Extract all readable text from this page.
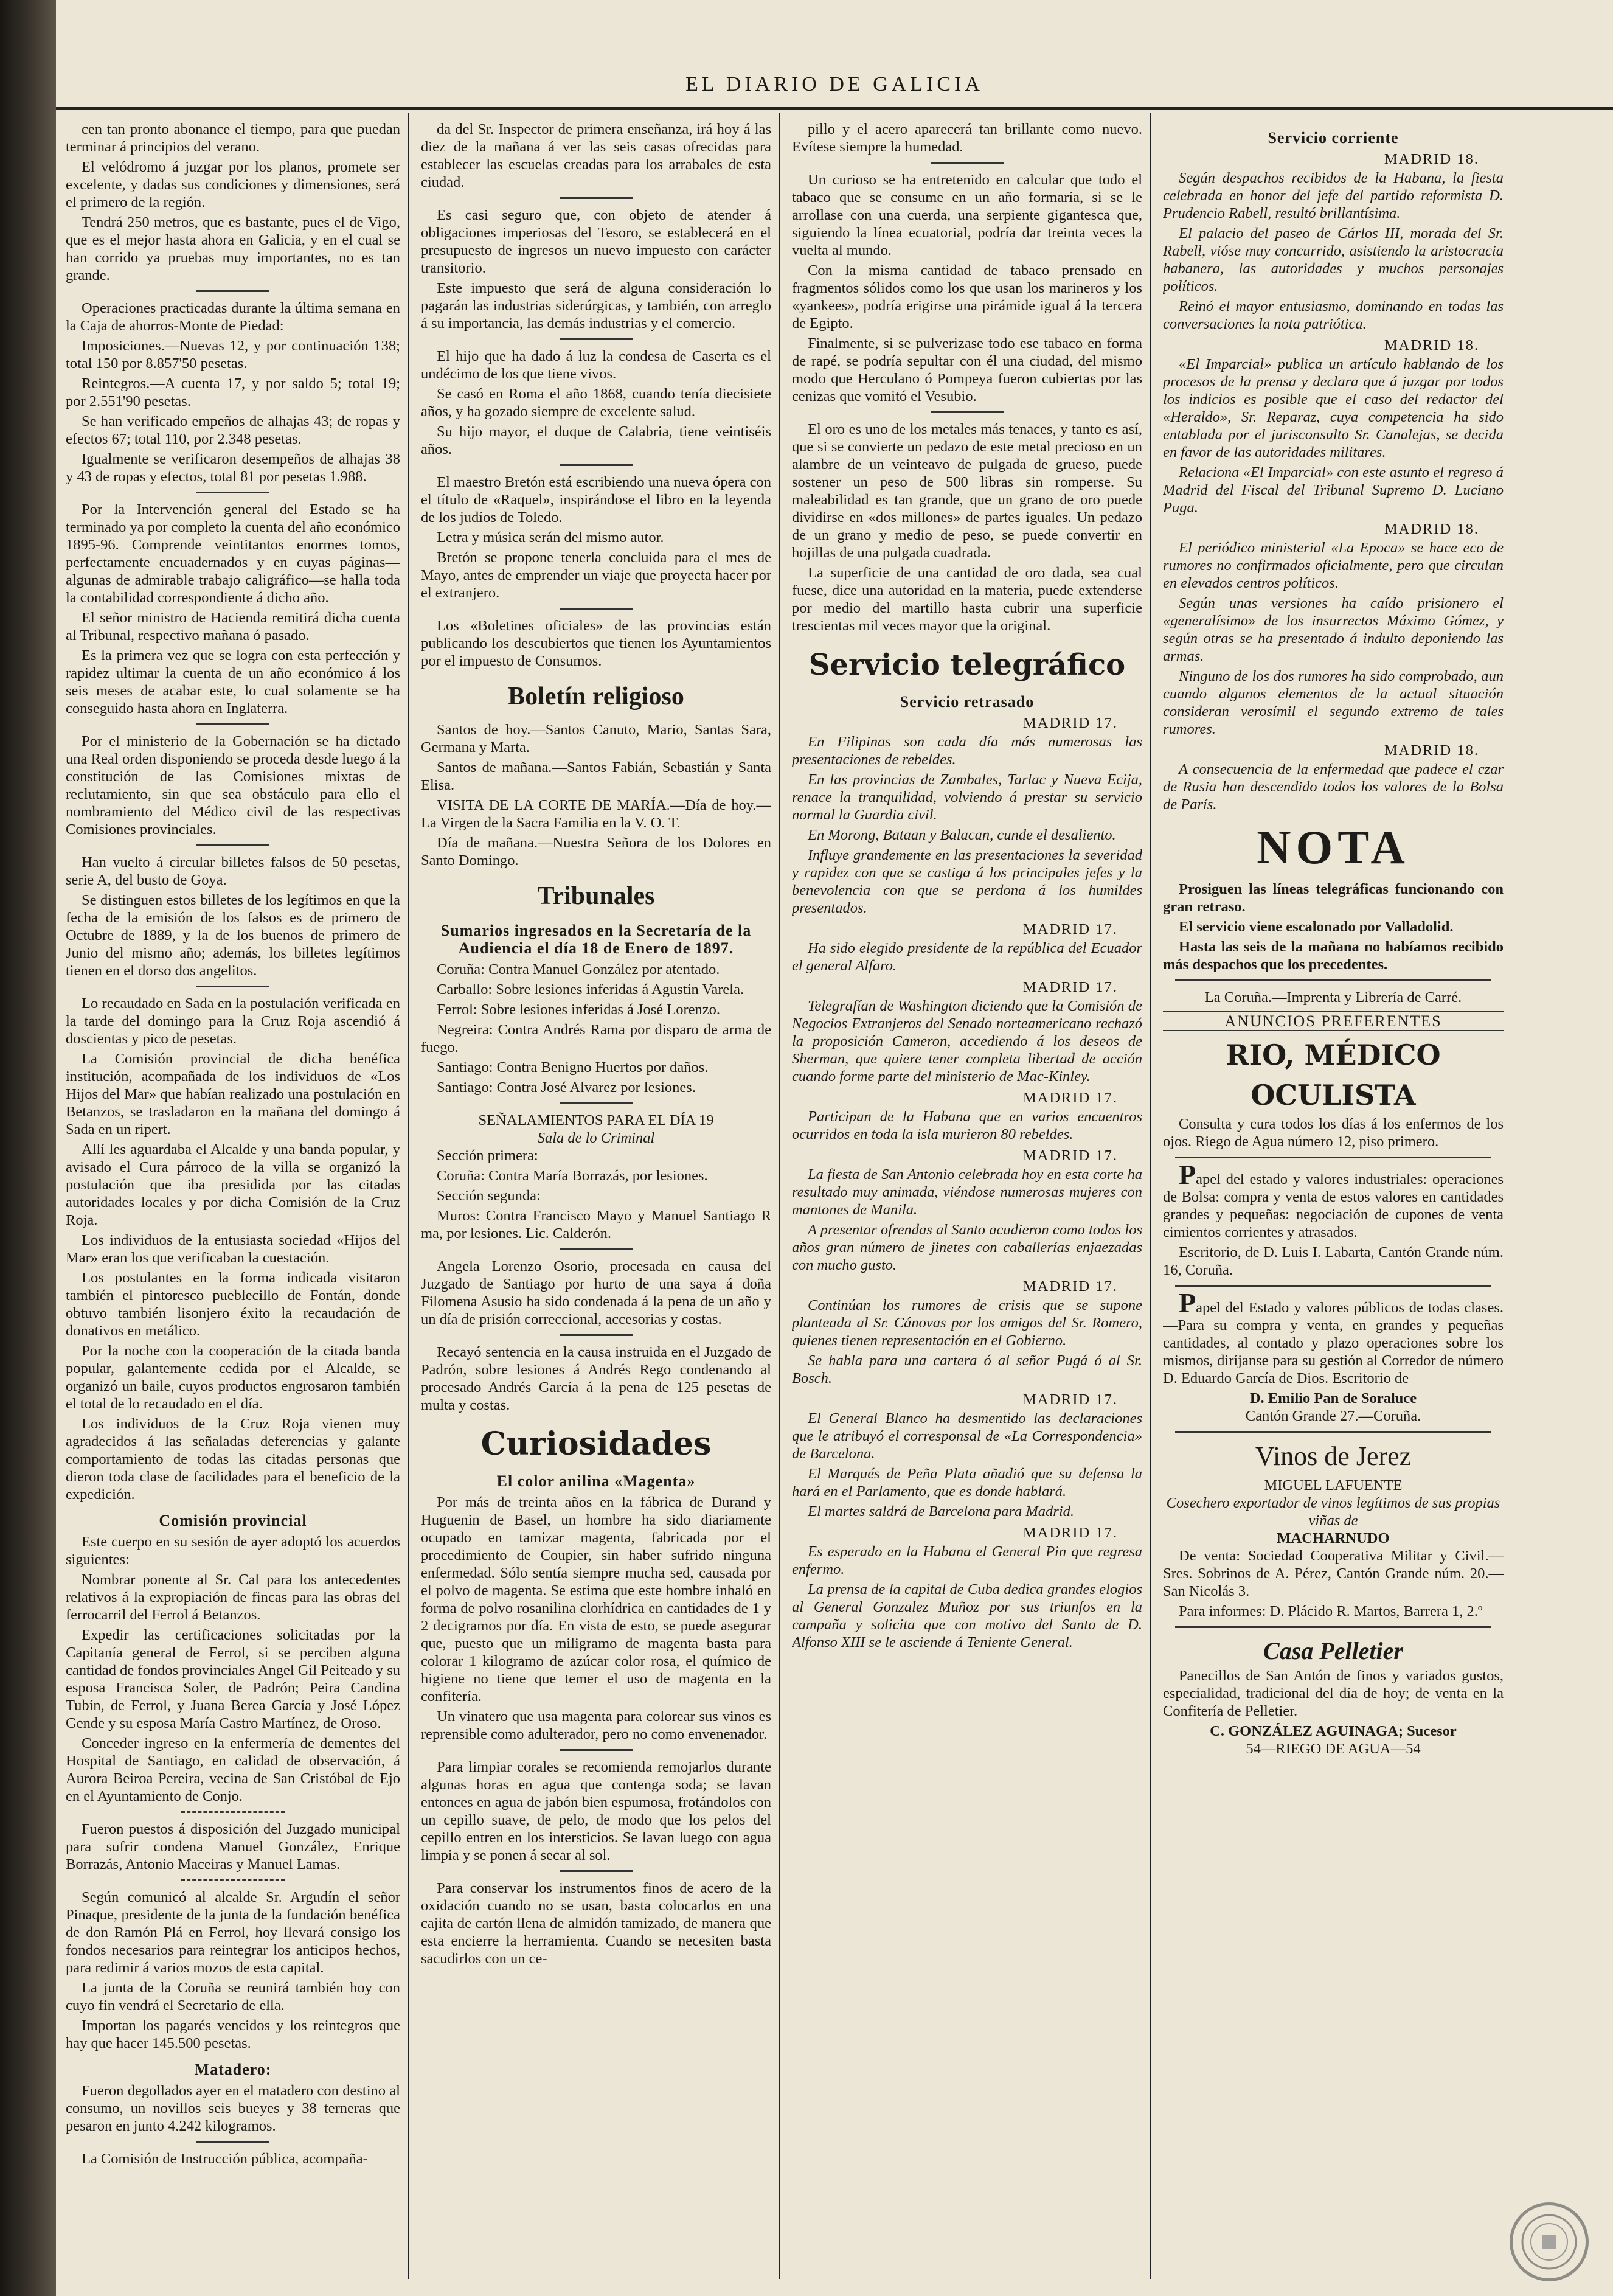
EL DIARIO DE GALICIA

cen tan pronto abonance el tiempo, para que puedan terminar á principios del verano.

El velódromo á juzgar por los planos, promete ser excelente, y dadas sus condiciones y dimensiones, será el primero de la región.

Tendrá 250 metros, que es bastante, pues el de Vigo, que es el mejor hasta ahora en Galicia, y en el cual se han corrido ya pruebas muy importantes, no es tan grande.

Operaciones practicadas durante la última semana en la Caja de ahorros-Monte de Piedad:

Imposiciones.—Nuevas 12, y por continuación 138; total 150 por 8.857'50 pesetas.

Reintegros.—A cuenta 17, y por saldo 5; total 19; por 2.551'90 pesetas.

Se han verificado empeños de alhajas 43; de ropas y efectos 67; total 110, por 2.348 pesetas.

Igualmente se verificaron desempeños de alhajas 38 y 43 de ropas y efectos, total 81 por pesetas 1.988.

Por la Intervención general del Estado se ha terminado ya por completo la cuenta del año económico 1895-96. Comprende veintitantos enormes tomos, perfectamente encuadernados y en cuyas páginas—algunas de admirable trabajo caligráfico—se halla toda la contabilidad correspondiente á dicho año.

El señor ministro de Hacienda remitirá dicha cuenta al Tribunal, respectivo mañana ó pasado.

Es la primera vez que se logra con esta perfección y rapidez ultimar la cuenta de un año económico á los seis meses de acabar este, lo cual solamente se ha conseguido hasta ahora en Inglaterra.

Por el ministerio de la Gobernación se ha dictado una Real orden disponiendo se proceda desde luego á la constitución de las Comisiones mixtas de reclutamiento, sin que sea obstáculo para ello el nombramiento del Médico civil de las respectivas Comisiones provinciales.

Han vuelto á circular billetes falsos de 50 pesetas, serie A, del busto de Goya.

Se distinguen estos billetes de los legítimos en que la fecha de la emisión de los falsos es de primero de Octubre de 1889, y la de los buenos de primero de Junio del mismo año; además, los billetes legítimos tienen en el dorso dos angelitos.

Lo recaudado en Sada en la postulación verificada en la tarde del domingo para la Cruz Roja ascendió á doscientas y pico de pesetas.

La Comisión provincial de dicha benéfica institución, acompañada de los individuos de «Los Hijos del Mar» que habían realizado una postulación en Betanzos, se trasladaron en la mañana del domingo á Sada en un ripert.

Allí les aguardaba el Alcalde y una banda popular, y avisado el Cura párroco de la villa se organizó la postulación que iba presidida por las citadas autoridades locales y por dicha Comisión de la Cruz Roja.

Los individuos de la entusiasta sociedad «Hijos del Mar» eran los que verificaban la cuestación.

Los postulantes en la forma indicada visitaron también el pintoresco pueblecillo de Fontán, donde obtuvo también lisonjero éxito la recaudación de donativos en metálico.

Por la noche con la cooperación de la citada banda popular, galantemente cedida por el Alcalde, se organizó un baile, cuyos productos engrosaron también el total de lo recaudado en el día.

Los individuos de la Cruz Roja vienen muy agradecidos á las señaladas deferencias y galante comportamiento de todas las citadas personas que dieron toda clase de facilidades para el beneficio de la expedición.

Comisión provincial

Este cuerpo en su sesión de ayer adoptó los acuerdos siguientes:

Nombrar ponente al Sr. Cal para los antecedentes relativos á la expropiación de fincas para las obras del ferrocarril del Ferrol á Betanzos.

Expedir las certificaciones solicitadas por la Capitanía general de Ferrol, si se perciben alguna cantidad de fondos provinciales Angel Gil Peiteado y su esposa Francisca Soler, de Padrón; Peira Candina Tubín, de Ferrol, y Juana Berea García y José López Gende y su esposa María Castro Martínez, de Oroso.

Conceder ingreso en la enfermería de dementes del Hospital de Santiago, en calidad de observación, á Aurora Beiroa Pereira, vecina de San Cristóbal de Ejo en el Ayuntamiento de Conjo.

Fueron puestos á disposición del Juzgado municipal para sufrir condena Manuel González, Enrique Borrazás, Antonio Maceiras y Manuel Lamas.

Según comunicó al alcalde Sr. Argudín el señor Pinaque, presidente de la junta de la fundación benéfica de don Ramón Plá en Ferrol, hoy llevará consigo los fondos necesarios para reintegrar los anticipos hechos, para redimir á varios mozos de esta capital.

La junta de la Coruña se reunirá también hoy con cuyo fin vendrá el Secretario de ella.

Importan los pagarés vencidos y los reintegros que hay que hacer 145.500 pesetas.

Matadero:

Fueron degollados ayer en el matadero con destino al consumo, un novillos seis bueyes y 38 terneras que pesaron en junto 4.242 kilogramos.

La Comisión de Instrucción pública, acompaña-

da del Sr. Inspector de primera enseñanza, irá hoy á las diez de la mañana á ver las seis casas ofrecidas para establecer las escuelas creadas para los arrabales de esta ciudad.

Es casi seguro que, con objeto de atender á obligaciones imperiosas del Tesoro, se establecerá en el presupuesto de ingresos un nuevo impuesto con carácter transitorio.

Este impuesto que será de alguna consideración lo pagarán las industrias siderúrgicas, y también, con arreglo á su importancia, las demás industrias y el comercio.

El hijo que ha dado á luz la condesa de Caserta es el undécimo de los que tiene vivos.

Se casó en Roma el año 1868, cuando tenía diecisiete años, y ha gozado siempre de excelente salud.

Su hijo mayor, el duque de Calabria, tiene veintiséis años.

El maestro Bretón está escribiendo una nueva ópera con el título de «Raquel», inspirándose el libro en la leyenda de los judíos de Toledo.

Letra y música serán del mismo autor.

Bretón se propone tenerla concluida para el mes de Mayo, antes de emprender un viaje que proyecta hacer por el extranjero.

Los «Boletines oficiales» de las provincias están publicando los descubiertos que tienen los Ayuntamientos por el impuesto de Consumos.

Boletín religioso

Santos de hoy.—Santos Canuto, Mario, Santas Sara, Germana y Marta.

Santos de mañana.—Santos Fabián, Sebastián y Santa Elisa.

VISITA DE LA CORTE DE MARÍA.—Día de hoy.—La Virgen de la Sacra Familia en la V. O. T.

Día de mañana.—Nuestra Señora de los Dolores en Santo Domingo.

Tribunales
Sumarios ingresados en la Secretaría de la Audiencia el día 18 de Enero de 1897.

Coruña: Contra Manuel González por atentado.

Carballo: Sobre lesiones inferidas á Agustín Varela.

Ferrol: Sobre lesiones inferidas á José Lorenzo.

Negreira: Contra Andrés Rama por disparo de arma de fuego.

Santiago: Contra Benigno Huertos por daños.

Santiago: Contra José Alvarez por lesiones.

SEÑALAMIENTOS PARA EL DÍA 19
Sala de lo Criminal

Sección primera:

Coruña: Contra María Borrazás, por lesiones.

Sección segunda:

Muros: Contra Francisco Mayo y Manuel Santiago R ma, por lesiones. Lic. Calderón.

Angela Lorenzo Osorio, procesada en causa del Juzgado de Santiago por hurto de una saya á doña Filomena Asusio ha sido condenada á la pena de un año y un día de prisión correccional, accesorias y costas.

Recayó sentencia en la causa instruida en el Juzgado de Padrón, sobre lesiones á Andrés Rego condenando al procesado Andrés García á la pena de 125 pesetas de multa y costas.

Curiosidades
El color anilina «Magenta»

Por más de treinta años en la fábrica de Durand y Huguenin de Basel, un hombre ha sido diariamente ocupado en tamizar magenta, fabricada por el procedimiento de Coupier, sin haber sufrido ninguna enfermedad. Sólo sentía siempre mucha sed, causada por el polvo de magenta. Se estima que este hombre inhaló en forma de polvo rosanilina clorhídrica en cantidades de 1 y 2 decigramos por día. En vista de esto, se puede asegurar que, puesto que un miligramo de magenta basta para colorar 1 kilogramo de azúcar color rosa, el químico de higiene no tiene que temer el uso de magenta en la confitería.

Un vinatero que usa magenta para colorear sus vinos es reprensible como adulterador, pero no como envenenador.

Para limpiar corales se recomienda remojarlos durante algunas horas en agua que contenga soda; se lavan entonces en agua de jabón bien espumosa, frotándolos con un cepillo suave, de pelo, de modo que los pelos del cepillo entren en los intersticios. Se lavan luego con agua limpia y se ponen á secar al sol.

Para conservar los instrumentos finos de acero de la oxidación cuando no se usan, basta colocarlos en una cajita de cartón llena de almidón tamizado, de manera que esta encierre la herramienta. Cuando se necesiten basta sacudirlos con un ce-

pillo y el acero aparecerá tan brillante como nuevo. Evítese siempre la humedad.

Un curioso se ha entretenido en calcular que todo el tabaco que se consume en un año formaría, si se le arrollase con una cuerda, una serpiente gigantesca que, siguiendo la línea ecuatorial, podría dar treinta veces la vuelta al mundo.

Con la misma cantidad de tabaco prensado en fragmentos sólidos como los que usan los marineros y los «yankees», podría erigirse una pirámide igual á la tercera de Egipto.

Finalmente, si se pulverizase todo ese tabaco en forma de rapé, se podría sepultar con él una ciudad, del mismo modo que Herculano ó Pompeya fueron cubiertas por las cenizas que vomitó el Vesubio.

El oro es uno de los metales más tenaces, y tanto es así, que si se convierte un pedazo de este metal precioso en un alambre de un veinteavo de pulgada de grueso, puede sostener un peso de 500 libras sin romperse. Su maleabilidad es tan grande, que un grano de oro puede dividirse en «dos millones» de partes iguales. Un pedazo de un grano y medio de peso, se puede convertir en hojillas de una pulgada cuadrada.

La superficie de una cantidad de oro dada, sea cual fuese, dice una autoridad en la materia, puede extenderse por medio del martillo hasta cubrir una superficie trescientas mil veces mayor que la original.

Servicio telegráfico
Servicio retrasado
MADRID 17.

En Filipinas son cada día más numerosas las presentaciones de rebeldes.

En las provincias de Zambales, Tarlac y Nueva Ecija, renace la tranquilidad, volviendo á prestar su servicio normal la Guardia civil.

En Morong, Bataan y Balacan, cunde el desaliento.

Influye grandemente en las presentaciones la severidad y rapidez con que se castiga á los principales jefes y la benevolencia con que se perdona á los humildes presentados.

MADRID 17.

Ha sido elegido presidente de la república del Ecuador el general Alfaro.

MADRID 17.

Telegrafían de Washington diciendo que la Comisión de Negocios Extranjeros del Senado norteamericano rechazó la proposición Cameron, accediendo á los deseos de Sherman, que quiere tener completa libertad de acción cuando forme parte del ministerio de Mac-Kinley.

MADRID 17.

Participan de la Habana que en varios encuentros ocurridos en toda la isla murieron 80 rebeldes.

MADRID 17.

La fiesta de San Antonio celebrada hoy en esta corte ha resultado muy animada, viéndose numerosas mujeres con mantones de Manila.

A presentar ofrendas al Santo acudieron como todos los años gran número de jinetes con caballerías enjaezadas con mucho gusto.

MADRID 17.

Continúan los rumores de crisis que se supone planteada al Sr. Cánovas por los amigos del Sr. Romero, quienes tienen representación en el Gobierno.

Se habla para una cartera ó al señor Pugá ó al Sr. Bosch.

MADRID 17.

El General Blanco ha desmentido las declaraciones que le atribuyó el corresponsal de «La Correspondencia» de Barcelona.

El Marqués de Peña Plata añadió que su defensa la hará en el Parlamento, que es donde hablará.

El martes saldrá de Barcelona para Madrid.

MADRID 17.

Es esperado en la Habana el General Pin que regresa enfermo.

La prensa de la capital de Cuba dedica grandes elogios al General Gonzalez Muñoz por sus triunfos en la campaña y solicita que con motivo del Santo de D. Alfonso XIII se le asciende á Teniente General.

Servicio corriente
MADRID 18.

Según despachos recibidos de la Habana, la fiesta celebrada en honor del jefe del partido reformista D. Prudencio Rabell, resultó brillantísima.

El palacio del paseo de Cárlos III, morada del Sr. Rabell, vióse muy concurrido, asistiendo la aristocracia habanera, las autoridades y muchos personajes políticos.

Reinó el mayor entusiasmo, dominando en todas las conversaciones la nota patriótica.

MADRID 18.

«El Imparcial» publica un artículo hablando de los procesos de la prensa y declara que á juzgar por todos los indicios es posible que el caso del redactor del «Heraldo», Sr. Reparaz, cuya competencia ha sido entablada por el jurisconsulto Sr. Canalejas, se decida en favor de las autoridades militares.

Relaciona «El Imparcial» con este asunto el regreso á Madrid del Fiscal del Tribunal Supremo D. Luciano Puga.

MADRID 18.

El periódico ministerial «La Epoca» se hace eco de rumores no confirmados oficialmente, pero que circulan en elevados centros políticos.

Según unas versiones ha caído prisionero el «generalísimo» de los insurrectos Máximo Gómez, y según otras se ha presentado á indulto deponiendo las armas.

Ninguno de los dos rumores ha sido comprobado, aun cuando algunos elementos de la actual situación consideran verosímil el segundo extremo de tales rumores.

MADRID 18.

A consecuencia de la enfermedad que padece el czar de Rusia han descendido todos los valores de la Bolsa de París.

NOTA

Prosiguen las líneas telegráficas funcionando con gran retraso.

El servicio viene escalonado por Valladolid.

Hasta las seis de la mañana no habíamos recibido más despachos que los precedentes.

La Coruña.—Imprenta y Librería de Carré.
ANUNCIOS PREFERENTES
RIO, MÉDICO OCULISTA

Consulta y cura todos los días á los enfermos de los ojos. Riego de Agua número 12, piso primero.

Papel del estado y valores industriales: operaciones de Bolsa: compra y venta de estos valores en cantidades grandes y pequeñas: negociación de cupones de venta cimientos corrientes y atrasados.

Escritorio, de D. Luis I. Labarta, Cantón Grande núm. 16, Coruña.

Papel del Estado y valores públicos de todas clases.—Para su compra y venta, en grandes y pequeñas cantidades, al contado y plazo operaciones sobre los mismos, diríjanse para su gestión al Corredor de número D. Eduardo García de Dios. Escritorio de

D. Emilio Pan de Soraluce
Cantón Grande 27.—Coruña.
Vinos de Jerez
MIGUEL LAFUENTE
Cosechero exportador de vinos legítimos de sus propias viñas de
MACHARNUDO

De venta: Sociedad Cooperativa Militar y Civil.—Sres. Sobrinos de A. Pérez, Cantón Grande núm. 20.—San Nicolás 3.

Para informes: D. Plácido R. Martos, Barrera 1, 2.º

Casa Pelletier

Panecillos de San Antón de finos y variados gustos, especialidad, tradicional del día de hoy; de venta en la Confitería de Pelletier.

C. GONZÁLEZ AGUINAGA; Sucesor
54—RIEGO DE AGUA—54
